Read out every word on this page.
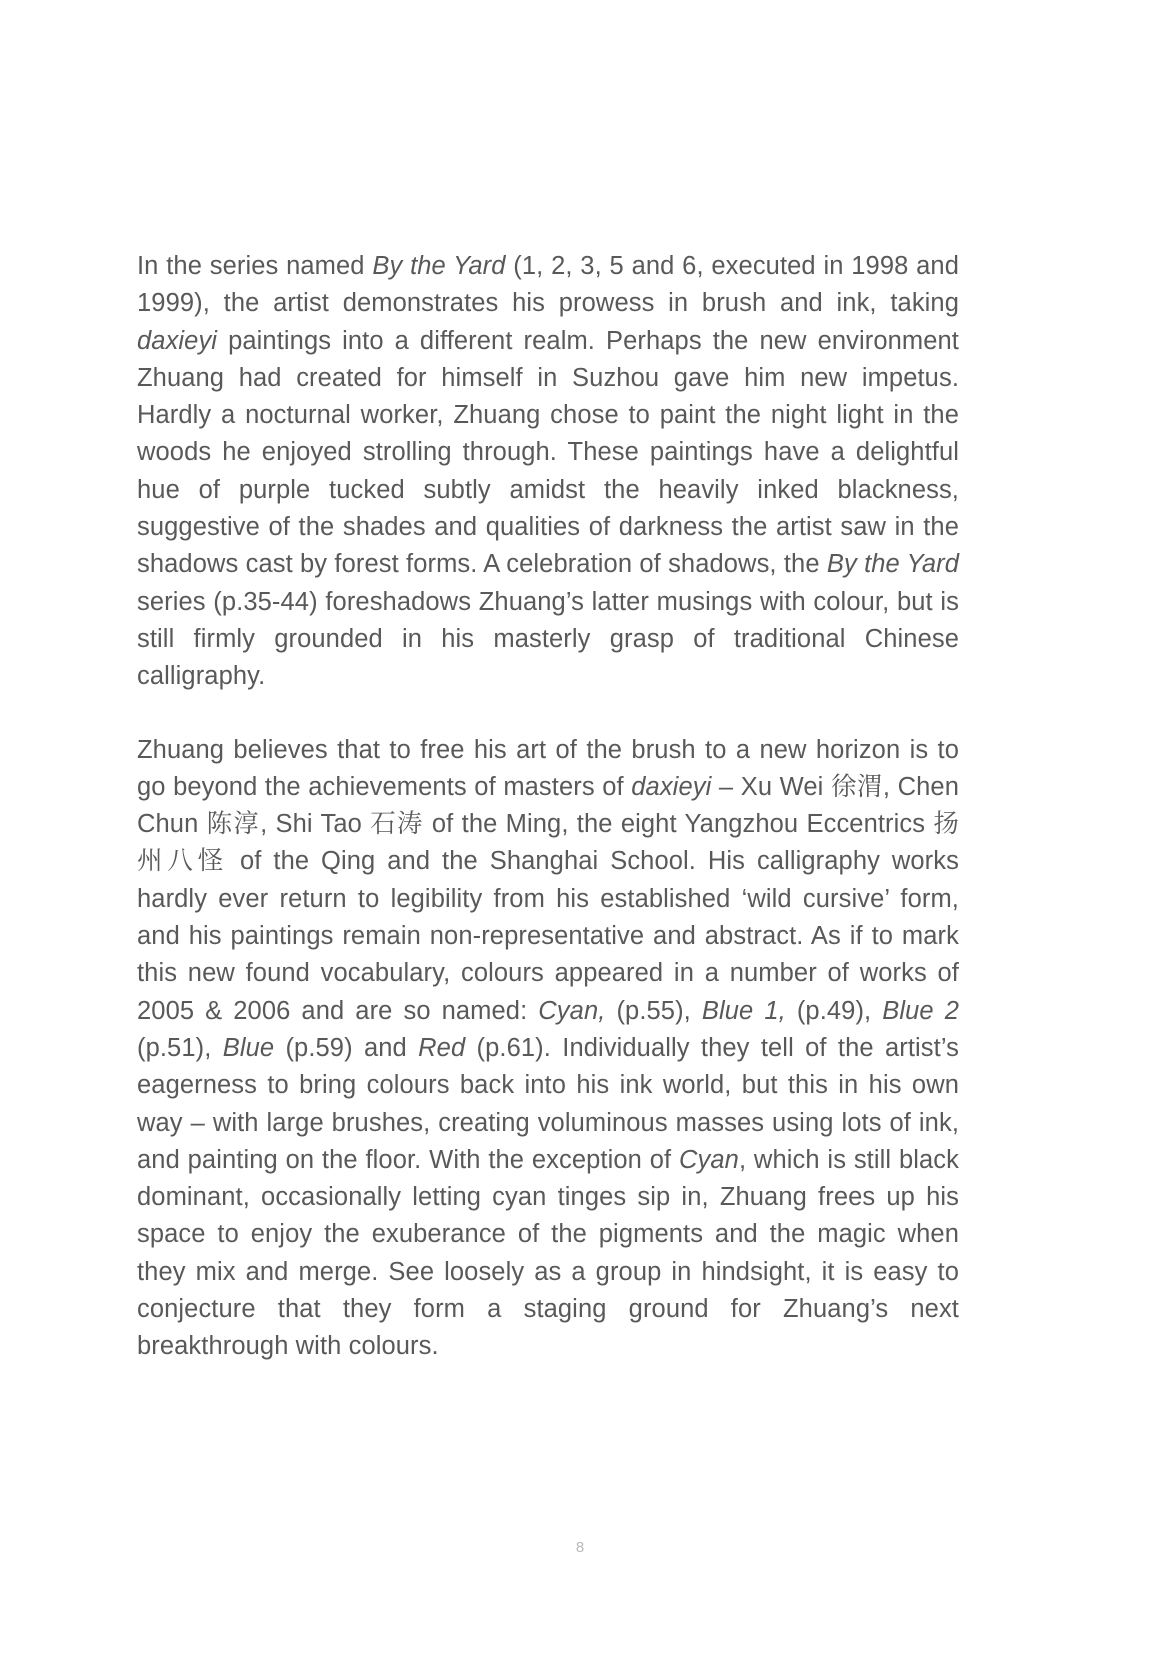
In the series named By the Yard (1, 2, 3, 5 and 6, executed in 1998 and 1999), the artist demonstrates his prowess in brush and ink, taking daxieyi paintings into a different realm. Perhaps the new environment Zhuang had created for himself in Suzhou gave him new impetus. Hardly a nocturnal worker, Zhuang chose to paint the night light in the woods he enjoyed strolling through. These paintings have a delightful hue of purple tucked subtly amidst the heavily inked blackness, suggestive of the shades and qualities of darkness the artist saw in the shadows cast by forest forms. A celebration of shadows, the By the Yard series (p.35-44) foreshadows Zhuang’s latter musings with colour, but is still firmly grounded in his masterly grasp of traditional Chinese calligraphy.

Zhuang believes that to free his art of the brush to a new horizon is to go beyond the achievements of masters of daxieyi – Xu Wei 徐渭, Chen Chun 陈淳, Shi Tao 石涛 of the Ming, the eight Yangzhou Eccentrics 扬州八怪 of the Qing and the Shanghai School. His calligraphy works hardly ever return to legibility from his established ‘wild cursive’ form, and his paintings remain non-representative and abstract. As if to mark this new found vocabulary, colours appeared in a number of works of 2005 & 2006 and are so named: Cyan, (p.55), Blue 1, (p.49), Blue 2 (p.51), Blue (p.59) and Red (p.61). Individually they tell of the artist’s eagerness to bring colours back into his ink world, but this in his own way – with large brushes, creating voluminous masses using lots of ink, and painting on the floor. With the exception of Cyan, which is still black dominant, occasionally letting cyan tinges sip in, Zhuang frees up his space to enjoy the exuberance of the pigments and the magic when they mix and merge. See loosely as a group in hindsight, it is easy to conjecture that they form a staging ground for Zhuang’s next breakthrough with colours.

8
